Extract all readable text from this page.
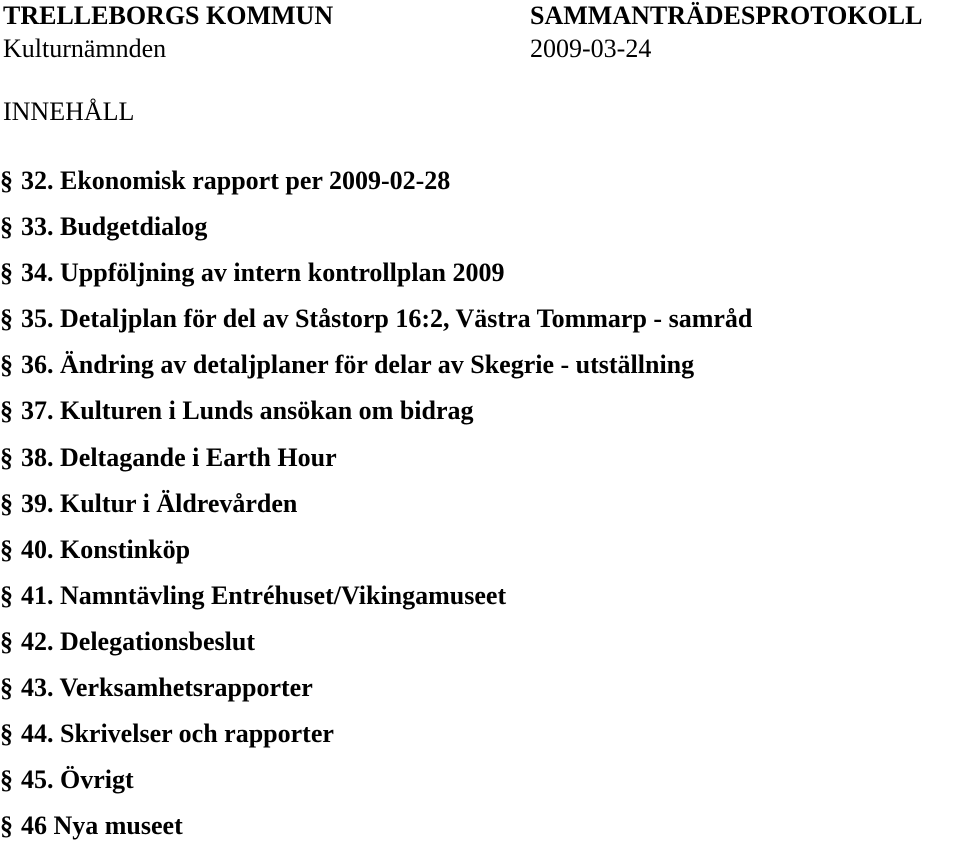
TRELLEBORGS KOMMUN	SAMMANTRÄDESPROTOKOLL
Kulturnämnden	2009-03-24
INNEHÅLL
§ 32. Ekonomisk rapport per 2009-02-28
§ 33. Budgetdialog
§ 34. Uppföljning av intern kontrollplan 2009
§ 35. Detaljplan för del av Ståstorp 16:2, Västra Tommarp - samråd
§ 36. Ändring av detaljplaner för delar av Skegrie - utställning
§ 37. Kulturen i Lunds ansökan om bidrag
§ 38. Deltagande i Earth Hour
§ 39. Kultur i Äldrevården
§ 40. Konstinköp
§ 41. Namntävling Entréhuset/Vikingamuseet
§ 42. Delegationsbeslut
§ 43. Verksamhetsrapporter
§ 44. Skrivelser och rapporter
§ 45. Övrigt
§ 46 Nya museet
